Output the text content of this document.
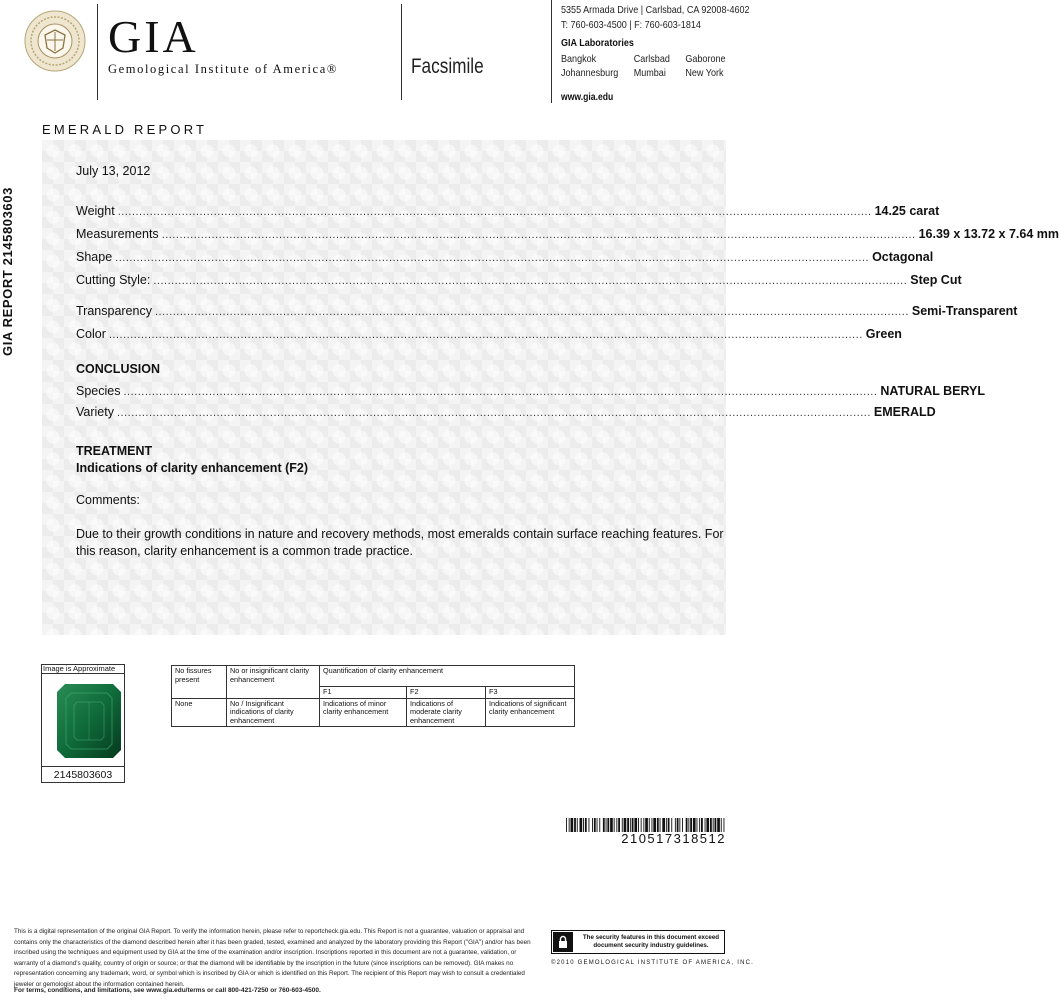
GIA
Gemological Institute of America®	Facsimile
5355 Armada Drive | Carlsbad, CA 92008-4602
T: 760-603-4500 | F: 760-603-1814
GIA Laboratories
Bangkok	Carlsbad	Gaborone
Johannesburg	Mumbai	New York
www.gia.edu
EMERALD REPORT
GIA REPORT 2145803603
July 13, 2012
Weight .................................................................................................................................................................................................................... 14.25 carat
Measurements .................................................................................................................................................................................................................... 16.39 x 13.72 x 7.64 mm
Shape .................................................................................................................................................................................................................... Octagonal
Cutting Style: .................................................................................................................................................................................................................... Step Cut
Transparency .................................................................................................................................................................................................................... Semi-Transparent
Color .................................................................................................................................................................................................................... Green
CONCLUSION
Species .................................................................................................................................................................................................................... NATURAL BERYL
Variety .................................................................................................................................................................................................................... EMERALD
TREATMENT
Indications of clarity enhancement (F2)
Comments:
Due to their growth conditions in nature and recovery methods, most emeralds contain surface reaching features. For this reason, clarity enhancement is a common trade practice.
Image is Approximate
2145803603
No fissures present	No or insignificant clarity enhancement	Quantification of clarity enhancement		
		F1	F2	F3
None	No / Insignificant indications of clarity enhancement	Indications of minor clarity enhancement	Indications of moderate clarity enhancement	Indications of significant clarity enhancement
210517318512
This is a digital representation of the original GIA Report. To verify the information herein, please refer to reportcheck.gia.edu. This Report is not a guarantee, valuation or appraisal and contains only the characteristics of the diamond described herein after it has been graded, tested, examined and analyzed by the laboratory providing this Report ("GIA") and/or has been inscribed using the techniques and equipment used by GIA at the time of the examination and/or inscription. Inscriptions reported in this document are not a guarantee, validation, or warranty of a diamond's quality, country of origin or source; or that the diamond will be identifiable by the inscription in the future (since inscriptions can be removed). GIA makes no representation concerning any trademark, word, or symbol which is inscribed by GIA or which is identified on this Report. The recipient of this Report may wish to consult a credentialed jeweler or gemologist about the information contained herein.
For terms, conditions, and limitations, see www.gia.edu/terms or call 800-421-7250 or 760-603-4500.
The security features in this document exceed document security industry guidelines.
©2010 GEMOLOGICAL INSTITUTE OF AMERICA, INC.
